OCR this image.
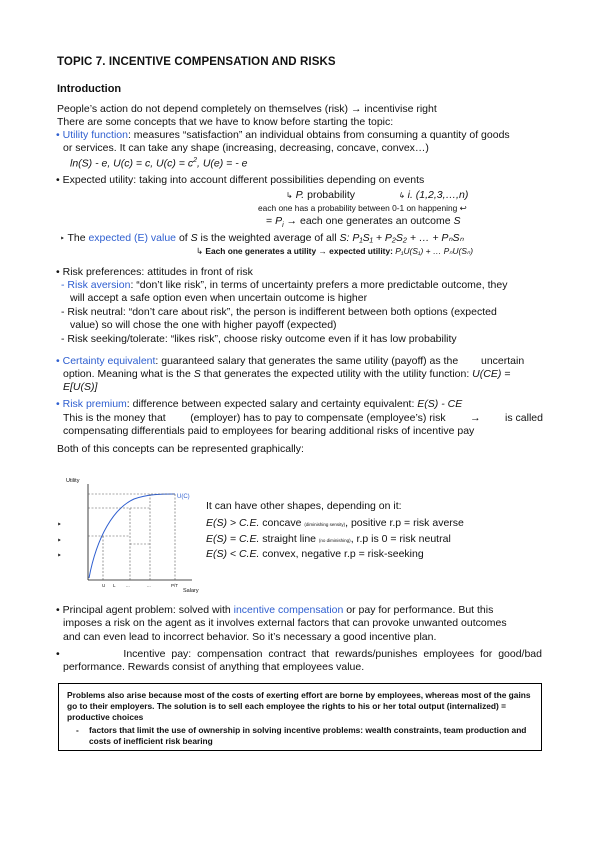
TOPIC 7. INCENTIVE COMPENSATION AND RISKS
Introduction
People’s action do not depend completely on themselves (risk) → incentivise right
There are some concepts that we have to know before starting the topic:
• Utility function: measures “satisfaction” an individual obtains from consuming a quantity of goods
or services. It can take any shape (increasing, decreasing, concave, convex…)
ln(S) - e, U(c) = c, $U(c) = c^2$, U(e) = - e
• Expected utility: taking into account different possibilities depending on events
↳ P. probability	↳ i. (1,2,3,…,n)
each one has a probability between 0-1 on happening ↩
= $P_i$ → each one generates an outcome S
‣ The expected (E) value of S is the weighted average of all S: P₁S₁ + P₂S₂ + … + PₙSₙ
↳ Each one generates a utility → expected utility: P₁U(S₁) + … PₙU(Sₙ)
• Risk preferences: attitudes in front of risk
- Risk aversion: “don’t like risk”, in terms of uncertainty prefers a more predictable outcome, they
will accept a safe option even when uncertain outcome is higher
- Risk neutral: “don’t care about risk”, the person is indifferent between both options (expected
value) so will chose the one with higher payoff (expected)
- Risk seeking/tolerate: “likes risk”, choose risky outcome even if it has low probability
• Certainty equivalent: guaranteed salary that generates the same utility (payoff) as the uncertain
option. Meaning what is the S that generates the expected utility with the utility function: U(CE) =
E[U(S)]
• Risk premium: difference between expected salary and certainty equivalent: E(S) - CE
This is the money that (employer) has to pay to compensate (employee’s) risk → is called
compensating differentials paid to employees for bearing additional risks of incentive pay
Both of this concepts can be represented graphically:
Utility
Salary
U(C)
U L ...	...	P/T
It can have other shapes, depending on it:
‣
‣
‣
E(S) > C.E. concave (diminishing sensity), positive r.p = risk averse
E(S) = C.E. straight line (no diminishing), r.p is 0 = risk neutral
E(S) < C.E. convex, negative r.p = risk-seeking
• Principal agent problem: solved with incentive compensation or pay for performance. But this
imposes a risk on the agent as it involves external factors that can provoke unwanted outcomes
and can even lead to incorrect behavior. So it’s necessary a good incentive plan.
•	Incentive pay: compensation contract that rewards/punishes employees for good/bad
performance. Rewards consist of anything that employees value.
Problems also arise because most of the costs of exerting effort are borne by employees, whereas most of the gains
go to their employers. The solution is to sell each employee the rights to his or her total output (internalized) =
productive choices
- factors that limit the use of ownership in solving incentive problems: wealth constraints, team production and
costs of inefficient risk bearing
